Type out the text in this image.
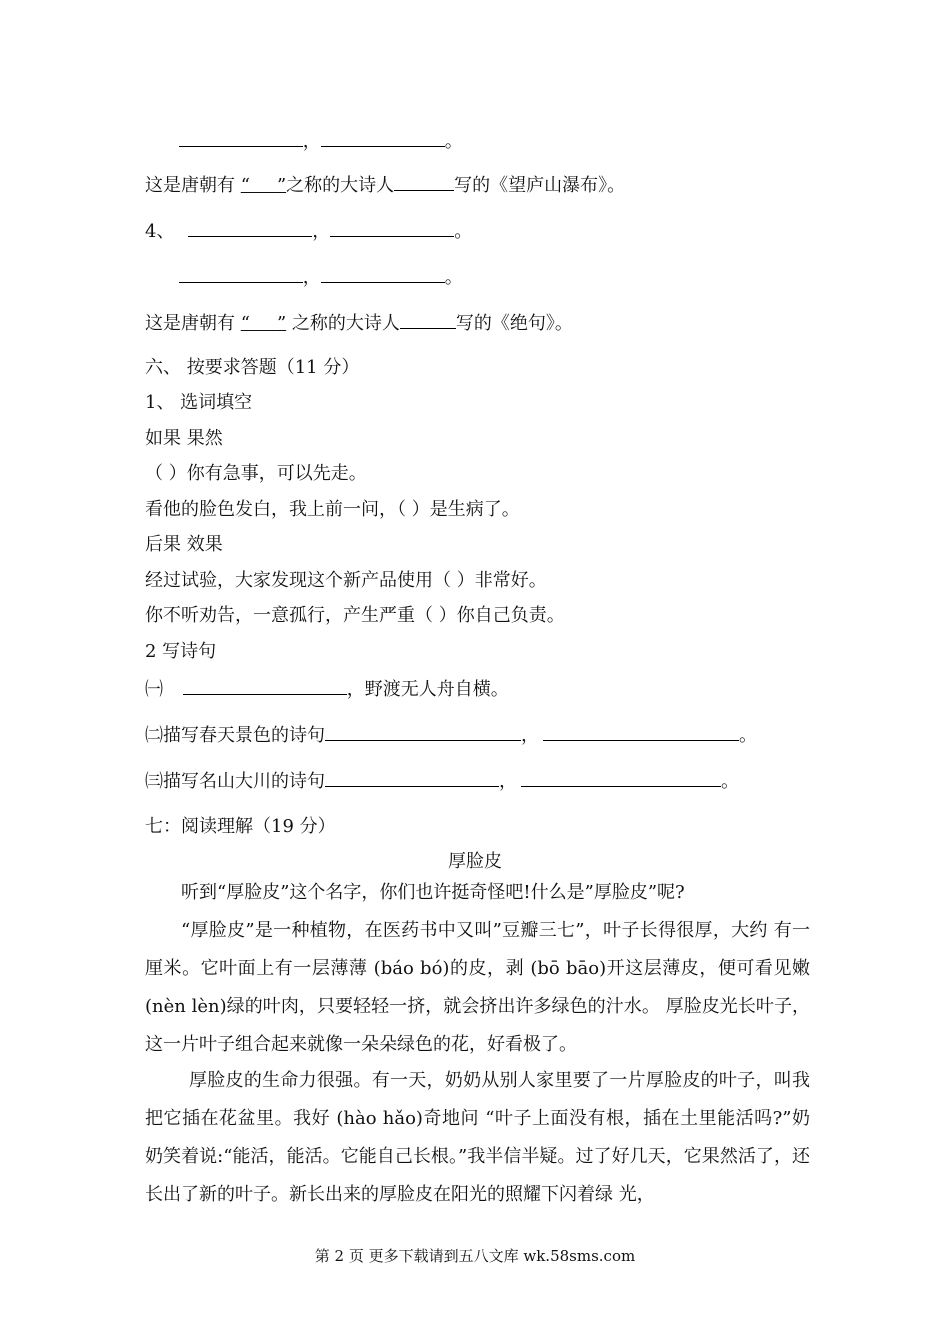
，	。
这是唐朝有 “   ”之称的大诗人	写的《望庐山瀑布》。
4、	，	。
，	。
这是唐朝有 “   ” 之称的大诗人	写的《绝句》。
六、 按要求答题（11 分）
1、 选词填空
如果 果然
（ ）你有急事，可以先走。
看他的脸色发白，我上前一问，（ ）是生病了。
后果 效果
经过试验，大家发现这个新产品使用（ ）非常好。
你不听劝告，一意孤行，产生严重（ ）你自己负责。
2 写诗句
㈠	，野渡无人舟自横。
㈡描写春天景色的诗句	，	。
㈢描写名山大川的诗句	，	。
七：阅读理解（19 分）
厚脸皮
听到“厚脸皮”这个名字，你们也许挺奇怪吧!什么是”厚脸皮”呢?
“厚脸皮”是一种植物，在医药书中又叫”豆瓣三七”，叶子长得很厚，大约 有一厘米。它叶面上有一层薄薄 (báo bó)的皮，剥 (bō bāo)开这层薄皮，便可看见嫩(nèn lèn)绿的叶肉，只要轻轻一挤，就会挤出许多绿色的汁水。 厚脸皮光长叶子，这一片叶子组合起来就像一朵朵绿色的花，好看极了。
厚脸皮的生命力很强。有一天，奶奶从别人家里要了一片厚脸皮的叶子，叫我把它插在花盆里。我好 (hào hǎo)奇地问 “叶子上面没有根，插在土里能活吗?”奶奶笑着说:“能活，能活。它能自己长根。”我半信半疑。过了好几天，它果然活了，还长出了新的叶子。新长出来的厚脸皮在阳光的照耀下闪着绿 光，
第 2 页 更多下载请到五八文库 wk.58sms.com
